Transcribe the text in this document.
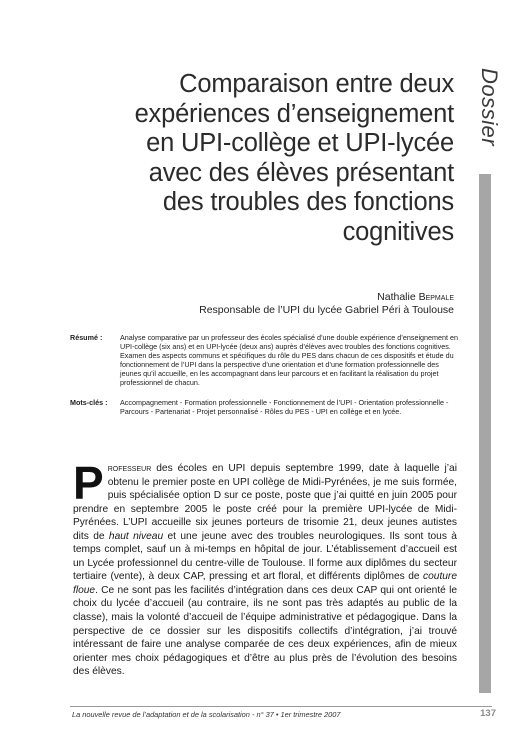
Dossier
Comparaison entre deux
expériences d’enseignement
en UPI-collège et UPI-lycée
avec des élèves présentant
des troubles des fonctions
cognitives
Nathalie Bepmale
Responsable de l’UPI du lycée Gabriel Péri à Toulouse
Résumé :	Analyse comparative par un professeur des écoles spécialisé d’une double expérience d’enseignement en UPI-collège (six ans) et en UPI-lycée (deux ans) auprès d’élèves avec troubles des fonctions cognitives. Examen des aspects communs et spécifiques du rôle du PES dans chacun de ces dispositifs et étude du fonctionnement de l’UPI dans la perspective d’une orientation et d’une formation professionnelle des jeunes qu’il accueille, en les accompagnant dans leur parcours et en facilitant la réalisation du projet professionnel de chacun.
Mots-clés :	Accompagnement - Formation professionnelle - Fonctionnement de l’UPI - Orientation professionnelle - Parcours - Partenariat - Projet personnalisé - Rôles du PES - UPI en collège et en lycée.

Professeur des écoles en UPI depuis septembre 1999, date à laquelle j’ai obtenu le premier poste en UPI collège de Midi-Pyrénées, je me suis formée, puis spécialisée option D sur ce poste, poste que j’ai quitté en juin 2005 pour prendre en septembre 2005 le poste créé pour la première UPI-lycée de Midi-Pyrénées. L’UPI accueille six jeunes porteurs de trisomie 21, deux jeunes autistes dits de haut niveau et une jeune avec des troubles neurologiques. Ils sont tous à temps complet, sauf un à mi-temps en hôpital de jour. L’établissement d’accueil est un Lycée professionnel du centre-ville de Toulouse. Il forme aux diplômes du secteur tertiaire (vente), à deux CAP, pressing et art floral, et différents diplômes de couture floue. Ce ne sont pas les facilités d’intégration dans ces deux CAP qui ont orienté le choix du lycée d’accueil (au contraire, ils ne sont pas très adaptés au public de la classe), mais la volonté d’accueil de l’équipe administrative et pédagogique. Dans la perspective de ce dossier sur les dispositifs collectifs d’intégration, j’ai trouvé intéressant de faire une analyse comparée de ces deux expériences, afin de mieux orienter mes choix pédagogiques et d’être au plus près de l’évolution des besoins des élèves.

La nouvelle revue de l’adaptation et de la scolarisation - n° 37 • 1er trimestre 2007	137
